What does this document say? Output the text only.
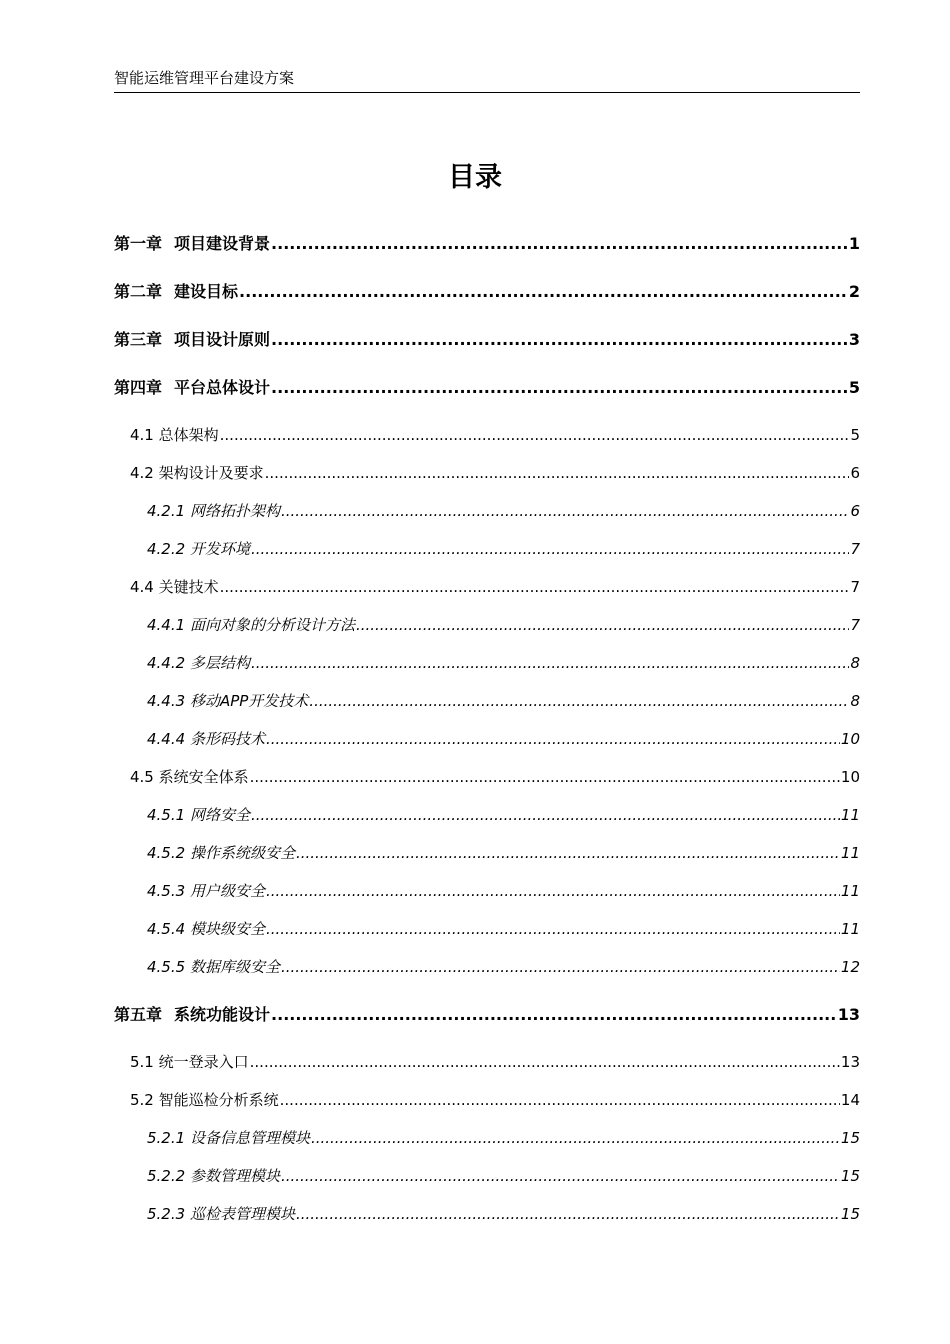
智能运维管理平台建设方案
目录
第一章 项目建设背景 .....	1
第二章 建设目标 .....	2
第三章 项目设计原则 .....	3
第四章 平台总体设计 .....	5
4.1 总体架构 .....	5
4.2 架构设计及要求 .....	6
4.2.1 网络拓扑架构 .....	6
4.2.2 开发环境 .....	7
4.4 关键技术 .....	7
4.4.1 面向对象的分析设计方法 .....	7
4.4.2 多层结构 .....	8
4.4.3 移动APP开发技术 .....	8
4.4.4 条形码技术 .....	10
4.5 系统安全体系 .....	10
4.5.1 网络安全 .....	11
4.5.2 操作系统级安全 .....	11
4.5.3 用户级安全 .....	11
4.5.4 模块级安全 .....	11
4.5.5 数据库级安全 .....	12
第五章 系统功能设计 .....	13
5.1 统一登录入口 .....	13
5.2 智能巡检分析系统 .....	14
5.2.1 设备信息管理模块 .....	15
5.2.2 参数管理模块 .....	15
5.2.3 巡检表管理模块 .....	15
